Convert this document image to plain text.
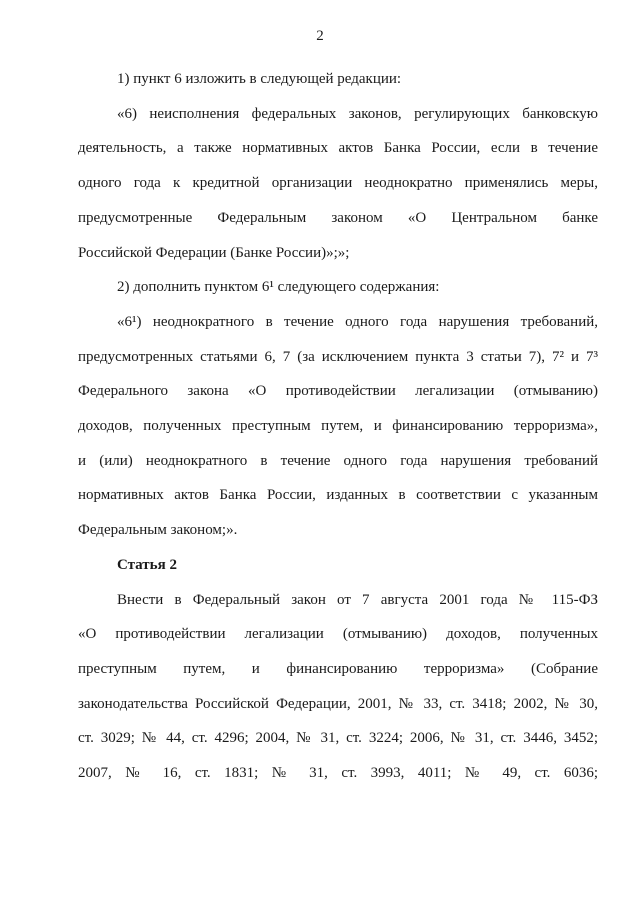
2
1) пункт 6 изложить в следующей редакции:
«6) неисполнения федеральных законов, регулирующих банковскую
деятельность, а также нормативных актов Банка России, если в течение
одного года к кредитной организации неоднократно применялись меры,
предусмотренные Федеральным законом «О Центральном банке
Российской Федерации (Банке России)»;»;
2) дополнить пунктом 6¹ следующего содержания:
«6¹) неоднократного в течение одного года нарушения требований,
предусмотренных статьями 6, 7 (за исключением пункта 3 статьи 7), 7² и 7³
Федерального закона «О противодействии легализации (отмыванию)
доходов, полученных преступным путем, и финансированию терроризма»,
и (или) неоднократного в течение одного года нарушения требований
нормативных актов Банка России, изданных в соответствии с указанным
Федеральным законом;».
Статья 2
Внести в Федеральный закон от 7 августа 2001 года № 115-ФЗ
«О противодействии легализации (отмыванию) доходов, полученных
преступным путем, и финансированию терроризма» (Собрание
законодательства Российской Федерации, 2001, № 33, ст. 3418; 2002, № 30,
ст. 3029; № 44, ст. 4296; 2004, № 31, ст. 3224; 2006, № 31, ст. 3446, 3452;
2007, № 16, ст. 1831; № 31, ст. 3993, 4011; № 49, ст. 6036;
